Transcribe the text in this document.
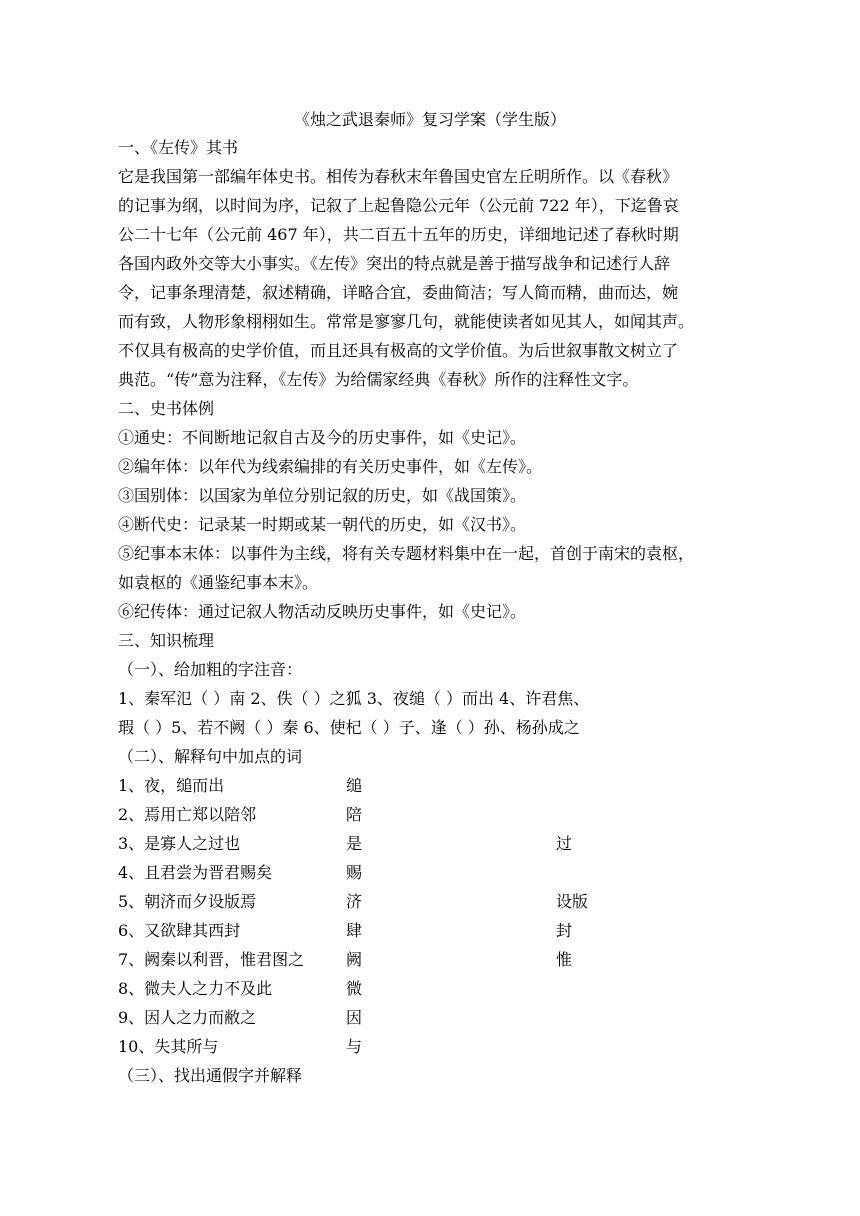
《烛之武退秦师》复习学案（学生版）
一、《左传》其书
它是我国第一部编年体史书。相传为春秋末年鲁国史官左丘明所作。以《春秋》
的记事为纲，以时间为序，记叙了上起鲁隐公元年（公元前 722 年），下迄鲁哀
公二十七年（公元前 467 年），共二百五十五年的历史，详细地记述了春秋时期
各国内政外交等大小事实。《左传》突出的特点就是善于描写战争和记述行人辞
令，记事条理清楚，叙述精确，详略合宜，委曲简洁；写人简而精，曲而达，婉
而有致，人物形象栩栩如生。常常是寥寥几句，就能使读者如见其人，如闻其声。
不仅具有极高的史学价值，而且还具有极高的文学价值。为后世叙事散文树立了
典范。“传”意为注释，《左传》为给儒家经典《春秋》所作的注释性文字。
二、史书体例
①通史：不间断地记叙自古及今的历史事件，如《史记》。
②编年体：以年代为线索编排的有关历史事件，如《左传》。
③国别体：以国家为单位分别记叙的历史，如《战国策》。
④断代史：记录某一时期或某一朝代的历史，如《汉书》。
⑤纪事本末体：以事件为主线，将有关专题材料集中在一起，首创于南宋的袁枢，
如袁枢的《通鉴纪事本末》。
⑥纪传体：通过记叙人物活动反映历史事件，如《史记》。
三、知识梳理
（一）、给加粗的字注音：
1、秦军氾（ ）南 2、佚（ ）之狐 3、夜缒（ ）而出 4、许君焦、
瑕（ ）5、若不阙（ ）秦 6、使杞（ ）子、逢（ ）孙、杨孙成之
（二）、解释句中加点的词
1、夜，缒而出	缒
2、焉用亡郑以陪邻	陪
3、是寡人之过也	是	过
4、且君尝为晋君赐矣	赐
5、朝济而夕设版焉	济	设版
6、又欲肆其西封	肆	封
7、阙秦以利晋，惟君图之	阙	惟
8、微夫人之力不及此	微
9、因人之力而敝之	因
10、失其所与	与
（三）、找出通假字并解释
